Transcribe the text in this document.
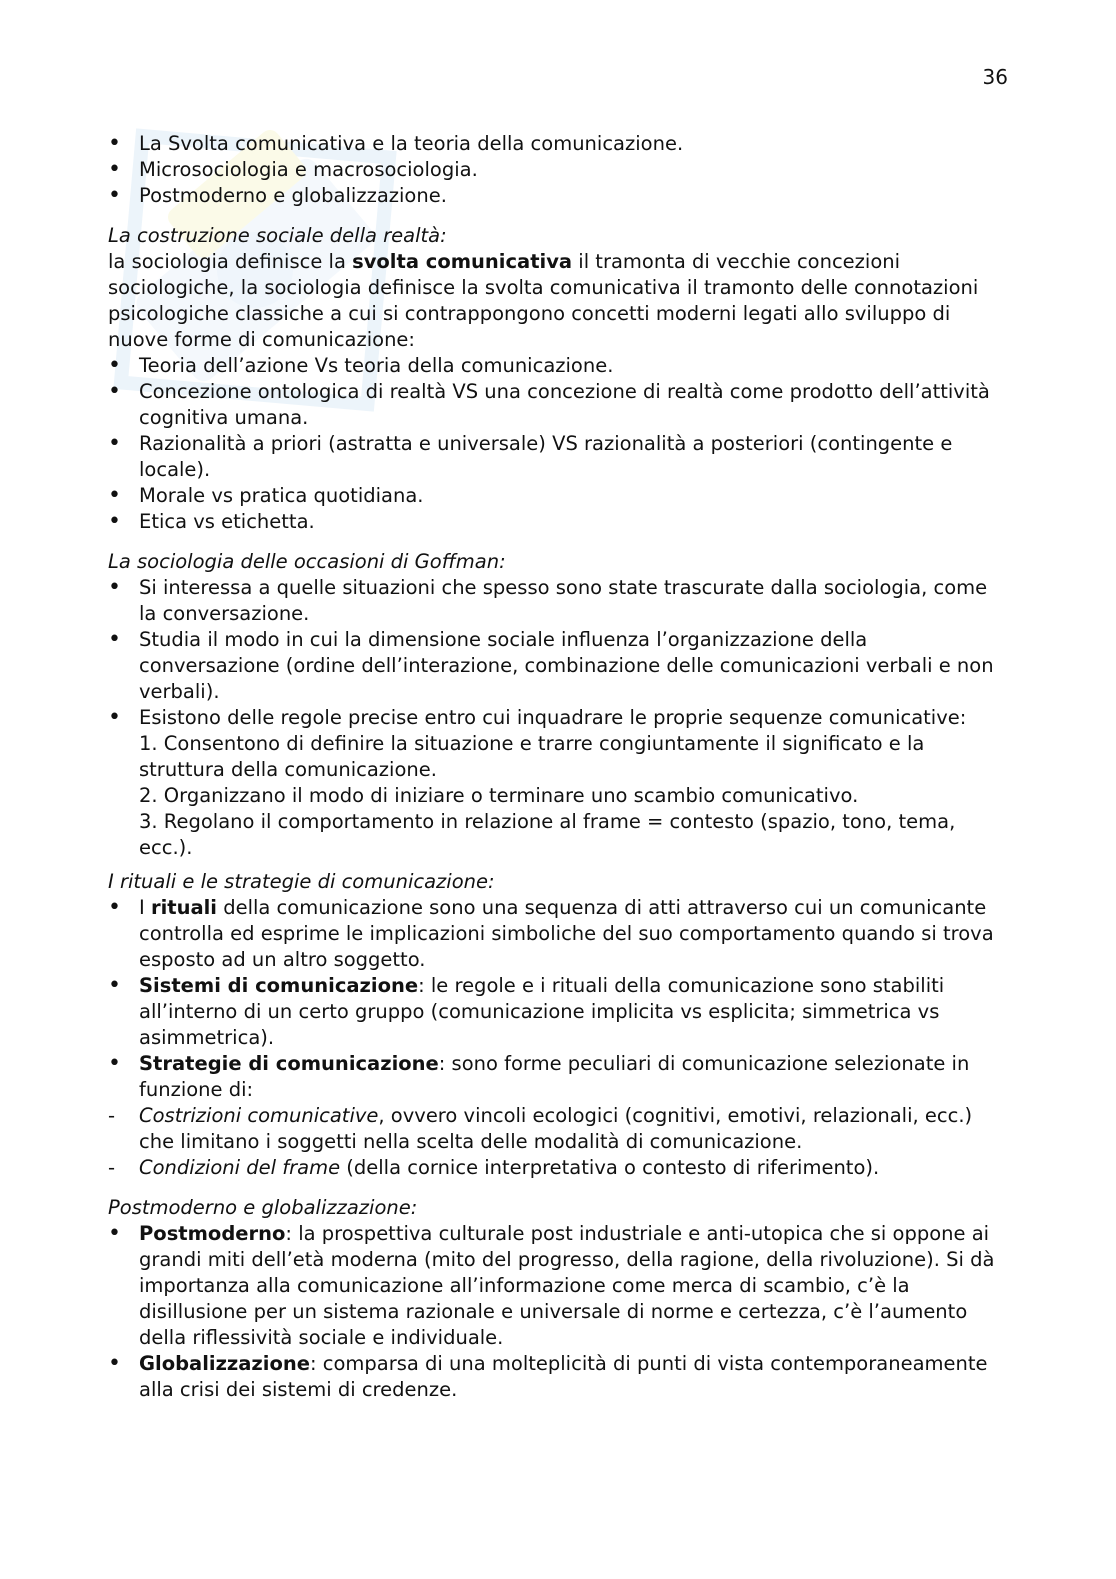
36
• La Svolta comunicativa e la teoria della comunicazione.
• Microsociologia e macrosociologia.
• Postmoderno e globalizzazione.
La costruzione sociale della realtà:
la sociologia definisce la svolta comunicativa il tramonta di vecchie concezioni sociologiche, la sociologia definisce la svolta comunicativa il tramonto delle connotazioni psicologiche classiche a cui si contrappongono concetti moderni legati allo sviluppo di nuove forme di comunicazione:
• Teoria dell’azione Vs teoria della comunicazione.
• Concezione ontologica di realtà VS una concezione di realtà come prodotto dell’attività cognitiva umana.
• Razionalità a priori (astratta e universale) VS razionalità a posteriori (contingente e locale).
• Morale vs pratica quotidiana.
• Etica vs etichetta.
La sociologia delle occasioni di Goffman:
• Si interessa a quelle situazioni che spesso sono state trascurate dalla sociologia, come la conversazione.
• Studia il modo in cui la dimensione sociale influenza l’organizzazione della conversazione (ordine dell’interazione, combinazione delle comunicazioni verbali e non verbali).
• Esistono delle regole precise entro cui inquadrare le proprie sequenze comunicative:
1. Consentono di definire la situazione e trarre congiuntamente il significato e la struttura della comunicazione.
2. Organizzano il modo di iniziare o terminare uno scambio comunicativo.
3. Regolano il comportamento in relazione al frame = contesto (spazio, tono, tema, ecc.).
I rituali e le strategie di comunicazione:
• I rituali della comunicazione sono una sequenza di atti attraverso cui un comunicante controlla ed esprime le implicazioni simboliche del suo comportamento quando si trova esposto ad un altro soggetto.
• Sistemi di comunicazione: le regole e i rituali della comunicazione sono stabiliti all’interno di un certo gruppo (comunicazione implicita vs esplicita; simmetrica vs asimmetrica).
• Strategie di comunicazione: sono forme peculiari di comunicazione selezionate in funzione di:
- Costrizioni comunicative, ovvero vincoli ecologici (cognitivi, emotivi, relazionali, ecc.) che limitano i soggetti nella scelta delle modalità di comunicazione.
- Condizioni del frame (della cornice interpretativa o contesto di riferimento).
Postmoderno e globalizzazione:
• Postmoderno: la prospettiva culturale post industriale e anti-utopica che si oppone ai grandi miti dell’età moderna (mito del progresso, della ragione, della rivoluzione). Si dà importanza alla comunicazione all’informazione come merca di scambio, c’è la disillusione per un sistema razionale e universale di norme e certezza, c’è l’aumento della riflessività sociale e individuale.
• Globalizzazione: comparsa di una molteplicità di punti di vista contemporaneamente alla crisi dei sistemi di credenze.
